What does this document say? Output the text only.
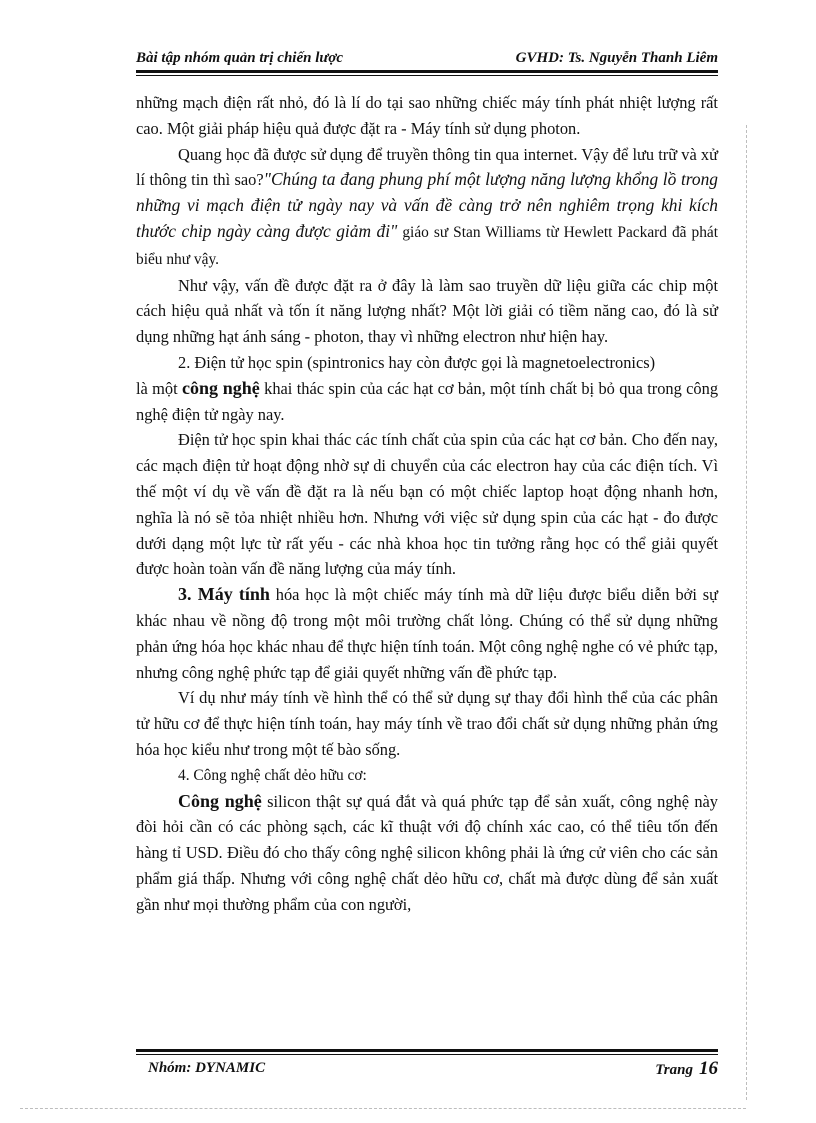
Bài tập nhóm quản trị chiến lược	GVHD: Ts. Nguyễn Thanh Liêm

những mạch điện rất nhỏ, đó là lí do tại sao những chiếc máy tính phát nhiệt lượng rất cao. Một giải pháp hiệu quả được đặt ra - Máy tính sử dụng photon.

Quang học đã được sử dụng để truyền thông tin qua internet. Vậy để lưu trữ và xử lí thông tin thì sao?"Chúng ta đang phung phí một lượng năng lượng khổng lồ trong những vi mạch điện tử ngày nay và vấn đề càng trở nên nghiêm trọng khi kích thước chip ngày càng được giảm đi" giáo sư Stan Williams từ Hewlett Packard đã phát biểu như vậy.

Như vậy, vấn đề được đặt ra ở đây là làm sao truyền dữ liệu giữa các chip một cách hiệu quả nhất và tốn ít năng lượng nhất? Một lời giải có tiềm năng cao, đó là sử dụng những hạt ánh sáng - photon, thay vì những electron như hiện hay.

2. Điện tử học spin (spintronics hay còn được gọi là magnetoelectronics)

là một công nghệ khai thác spin của các hạt cơ bản, một tính chất bị bỏ qua trong công nghệ điện tử ngày nay.

Điện tử học spin khai thác các tính chất của spin của các hạt cơ bản. Cho đến nay, các mạch điện tử hoạt động nhờ sự di chuyển của các electron hay của các điện tích. Vì thế một ví dụ về vấn đề đặt ra là nếu bạn có một chiếc laptop hoạt động nhanh hơn, nghĩa là nó sẽ tỏa nhiệt nhiều hơn. Nhưng với việc sử dụng spin của các hạt - đo được dưới dạng một lực từ rất yếu - các nhà khoa học tin tưởng rằng học có thể giải quyết được hoàn toàn vấn đề năng lượng của máy tính.

3. Máy tính hóa học là một chiếc máy tính mà dữ liệu được biểu diễn bởi sự khác nhau về nồng độ trong một môi trường chất lỏng. Chúng có thể sử dụng những phản ứng hóa học khác nhau để thực hiện tính toán. Một công nghệ nghe có vẻ phức tạp, nhưng công nghệ phức tạp để giải quyết những vấn đề phức tạp.

Ví dụ như máy tính về hình thể có thể sử dụng sự thay đổi hình thể của các phân tử hữu cơ để thực hiện tính toán, hay máy tính về trao đổi chất sử dụng những phản ứng hóa học kiểu như trong một tế bào sống.

4. Công nghệ chất dẻo hữu cơ:

Công nghệ silicon thật sự quá đắt và quá phức tạp để sản xuất, công nghệ này đòi hỏi cần có các phòng sạch, các kĩ thuật với độ chính xác cao, có thể tiêu tốn đến hàng tỉ USD. Điều đó cho thấy công nghệ silicon không phải là ứng cử viên cho các sản phẩm giá thấp. Nhưng với công nghệ chất dẻo hữu cơ, chất mà được dùng để sản xuất gần như mọi thường phẩm của con người,

Nhóm: DYNAMIC	Trang 16
